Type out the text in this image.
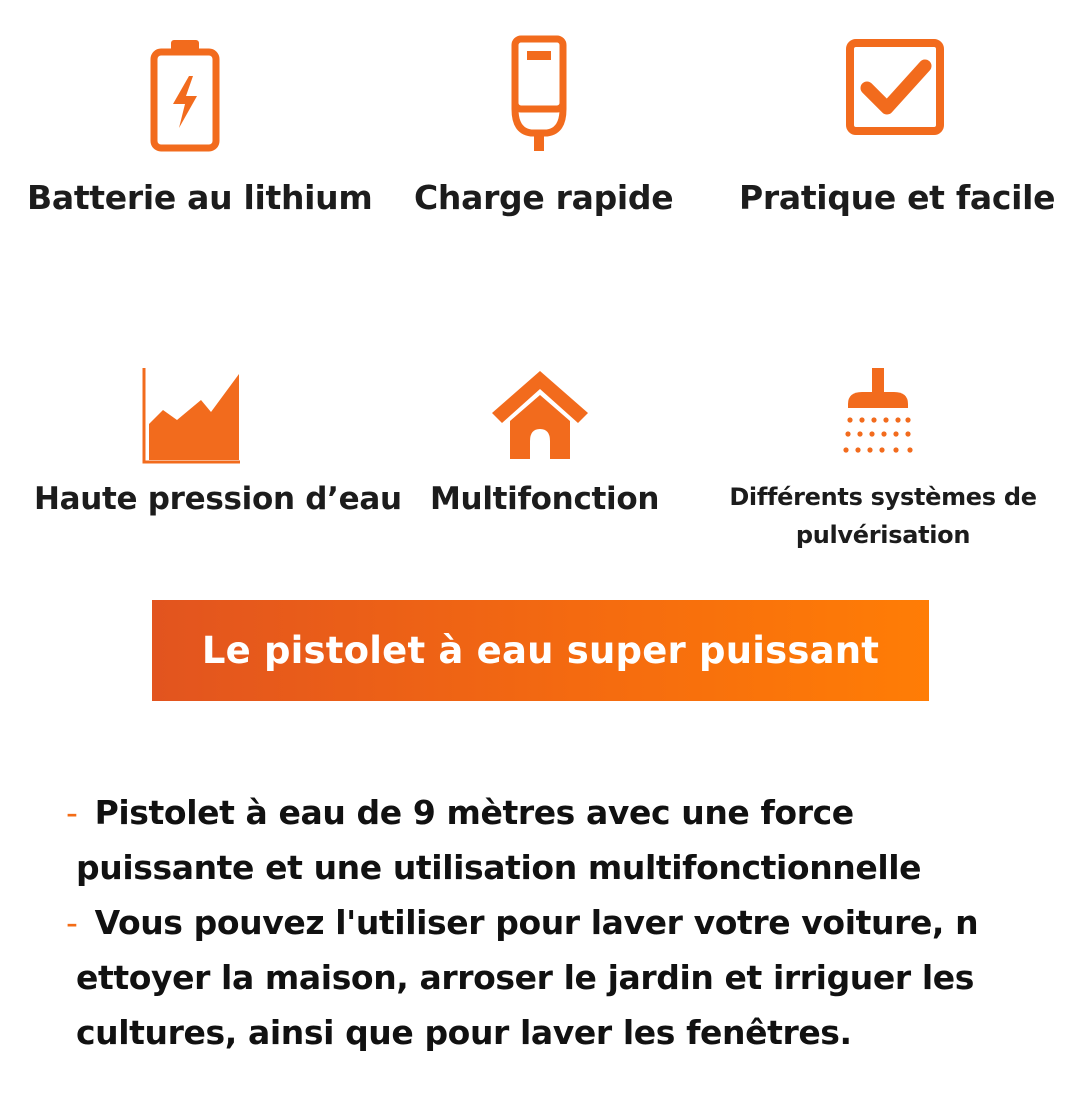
Batterie au lithium Charge rapide Pratique et facile
Haute pression d’eau Multifonction	Différents systèmes de pulvérisation
Le pistolet à eau super puissant

- Pistolet à eau de 9 mètres avec une force

puissante et une utilisation multifonctionnelle

- Vous pouvez l'utiliser pour laver votre voiture, n

ettoyer la maison, arroser le jardin et irriguer les

cultures, ainsi que pour laver les fenêtres.
